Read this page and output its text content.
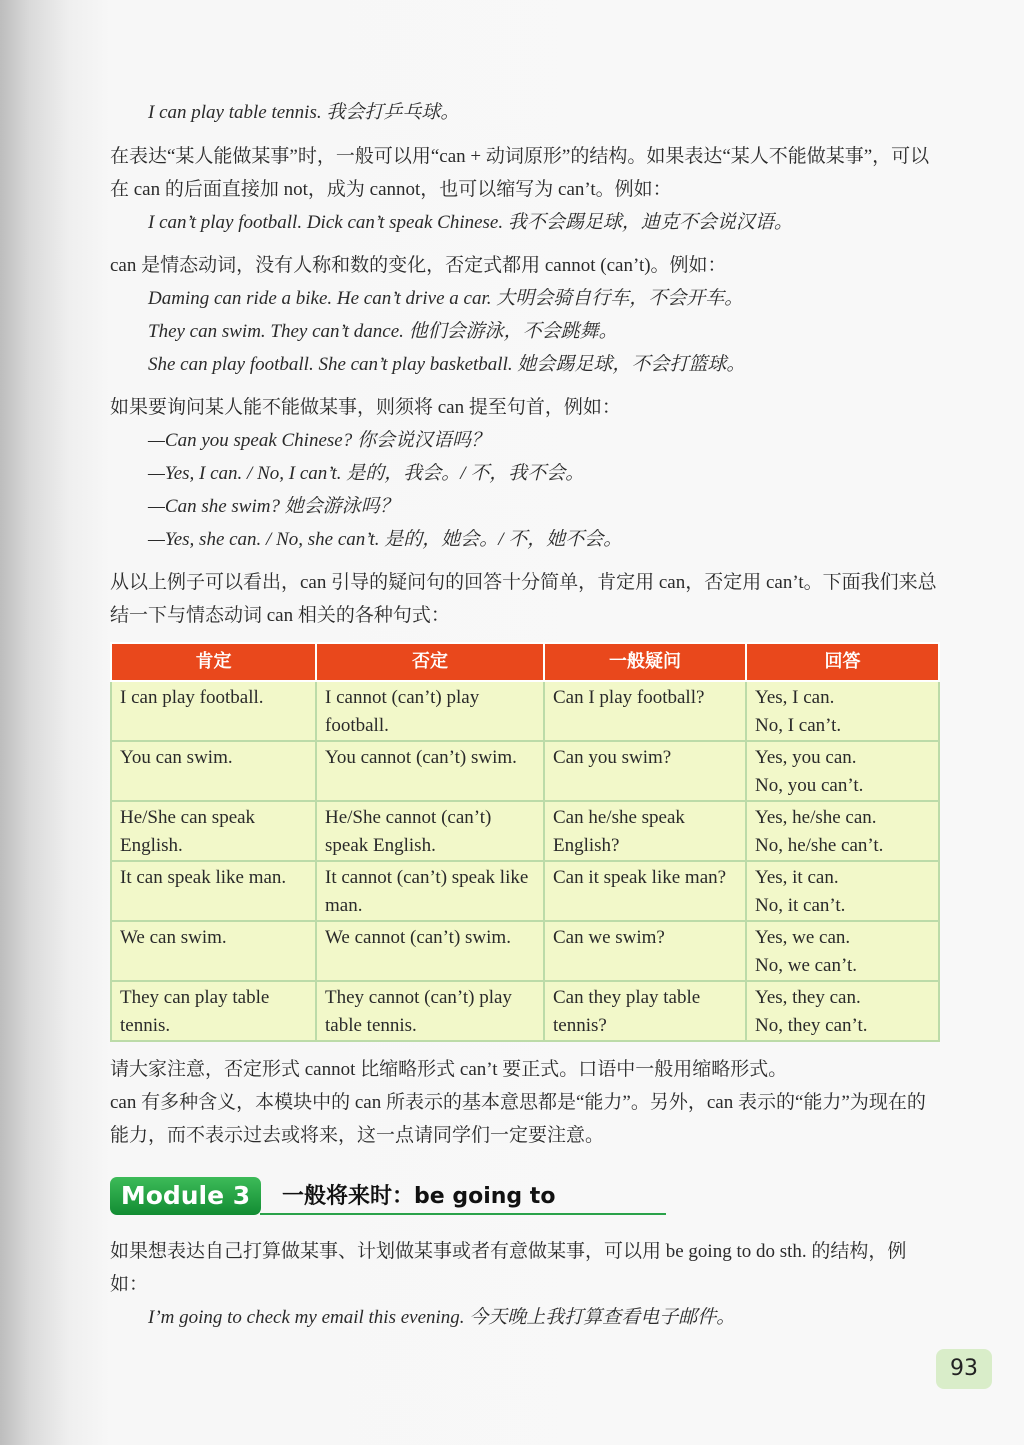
I can play table tennis. 我会打乒乓球。
在表达“某人能做某事”时，一般可以用“can + 动词原形”的结构。如果表达“某人不能做某事”，可以在 can 的后面直接加 not，成为 cannot，也可以缩写为 can’t。例如：
I can’t play football. Dick can’t speak Chinese. 我不会踢足球，迪克不会说汉语。
can 是情态动词，没有人称和数的变化，否定式都用 cannot (can’t)。例如：
Daming can ride a bike. He can’t drive a car. 大明会骑自行车，不会开车。
They can swim. They can’t dance. 他们会游泳，不会跳舞。
She can play football. She can’t play basketball. 她会踢足球，不会打篮球。
如果要询问某人能不能做某事，则须将 can 提至句首，例如：
—Can you speak Chinese? 你会说汉语吗？
—Yes, I can. / No, I can’t. 是的，我会。/ 不，我不会。
—Can she swim? 她会游泳吗？
—Yes, she can. / No, she can’t. 是的，她会。/ 不，她不会。
从以上例子可以看出，can 引导的疑问句的回答十分简单，肯定用 can，否定用 can’t。下面我们来总结一下与情态动词 can 相关的各种句式：
肯定	否定	一般疑问	回答
I can play football.	I cannot (can’t) play football.	Can I play football?	Yes, I can.
No, I can’t.
You can swim.	You cannot (can’t) swim.	Can you swim?	Yes, you can.
No, you can’t.
He/She can speak English.	He/She cannot (can’t) speak English.	Can he/she speak English?	Yes, he/she can.
No, he/she can’t.
It can speak like man.	It cannot (can’t) speak like man.	Can it speak like man?	Yes, it can.
No, it can’t.
We can swim.	We cannot (can’t) swim.	Can we swim?	Yes, we can.
No, we can’t.
They can play table tennis.	They cannot (can’t) play table tennis.	Can they play table tennis?	Yes, they can.
No, they can’t.
请大家注意，否定形式 cannot 比缩略形式 can’t 要正式。口语中一般用缩略形式。
can 有多种含义，本模块中的 can 所表示的基本意思都是“能力”。另外，can 表示的“能力”为现在的能力，而不表示过去或将来，这一点请同学们一定要注意。
Module 3	一般将来时：be going to
如果想表达自己打算做某事、计划做某事或者有意做某事，可以用 be going to do sth. 的结构，例如：
I’m going to check my email this evening. 今天晚上我打算查看电子邮件。
93
